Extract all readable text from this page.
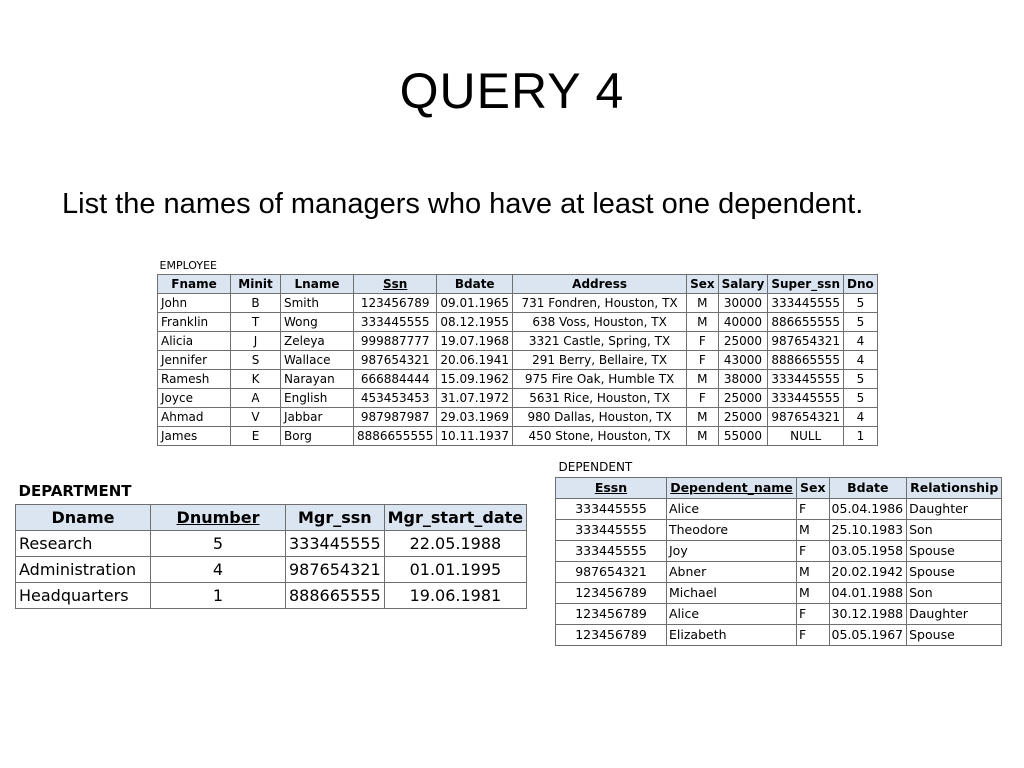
QUERY 4
List the names of managers who have at least one dependent.
EMPLOYEE									
Fname	Minit	Lname	Ssn	Bdate	Address	Sex	Salary	Super_ssn	Dno
John	B	Smith	123456789	09.01.1965	731 Fondren, Houston, TX	M	30000	333445555	5
Franklin	T	Wong	333445555	08.12.1955	638 Voss, Houston, TX	M	40000	886655555	5
Alicia	J	Zeleya	999887777	19.07.1968	3321 Castle, Spring, TX	F	25000	987654321	4
Jennifer	S	Wallace	987654321	20.06.1941	291 Berry, Bellaire, TX	F	43000	888665555	4
Ramesh	K	Narayan	666884444	15.09.1962	975 Fire Oak, Humble TX	M	38000	333445555	5
Joyce	A	English	453453453	31.07.1972	5631 Rice, Houston, TX	F	25000	333445555	5
Ahmad	V	Jabbar	987987987	29.03.1969	980 Dallas, Houston, TX	M	25000	987654321	4
James	E	Borg	8886655555	10.11.1937	450 Stone, Houston, TX	M	55000	NULL	1
DEPARTMENT			
Dname	Dnumber	Mgr_ssn	Mgr_start_date
Research	5	333445555	22.05.1988
Administration	4	987654321	01.01.1995
Headquarters	1	888665555	19.06.1981
DEPENDENT				
Essn	Dependent_name	Sex	Bdate	Relationship
333445555	Alice	F	05.04.1986	Daughter
333445555	Theodore	M	25.10.1983	Son
333445555	Joy	F	03.05.1958	Spouse
987654321	Abner	M	20.02.1942	Spouse
123456789	Michael	M	04.01.1988	Son
123456789	Alice	F	30.12.1988	Daughter
123456789	Elizabeth	F	05.05.1967	Spouse
